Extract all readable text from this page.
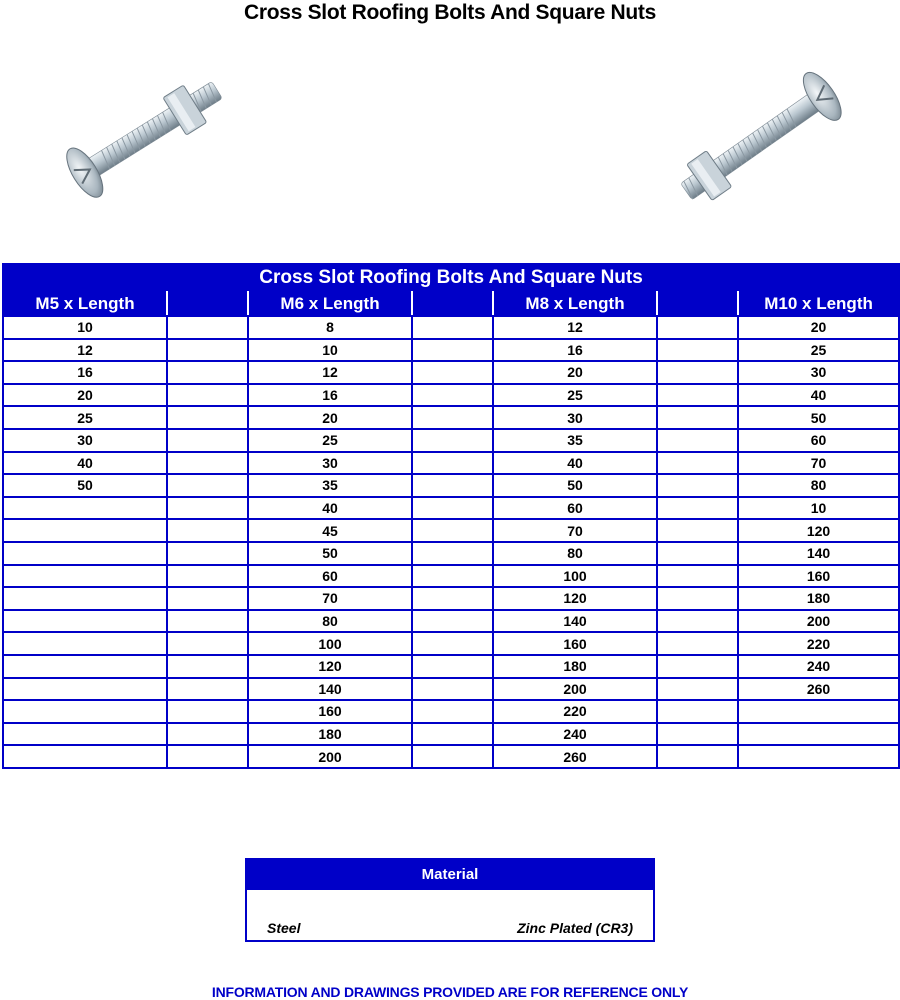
Cross Slot Roofing Bolts And Square Nuts
Cross Slot Roofing Bolts And Square Nuts						
M5 x Length		M6 x Length		M8 x Length		M10 x Length
10		8		12		20
12		10		16		25
16		12		20		30
20		16		25		40
25		20		30		50
30		25		35		60
40		30		40		70
50		35		50		80
		40		60		10
		45		70		120
		50		80		140
		60		100		160
		70		120		180
		80		140		200
		100		160		220
		120		180		240
		140		200		260
		160		220		
		180		240		
		200		260		
Material
Steel	Zinc Plated (CR3)
INFORMATION AND DRAWINGS PROVIDED ARE FOR REFERENCE ONLY
